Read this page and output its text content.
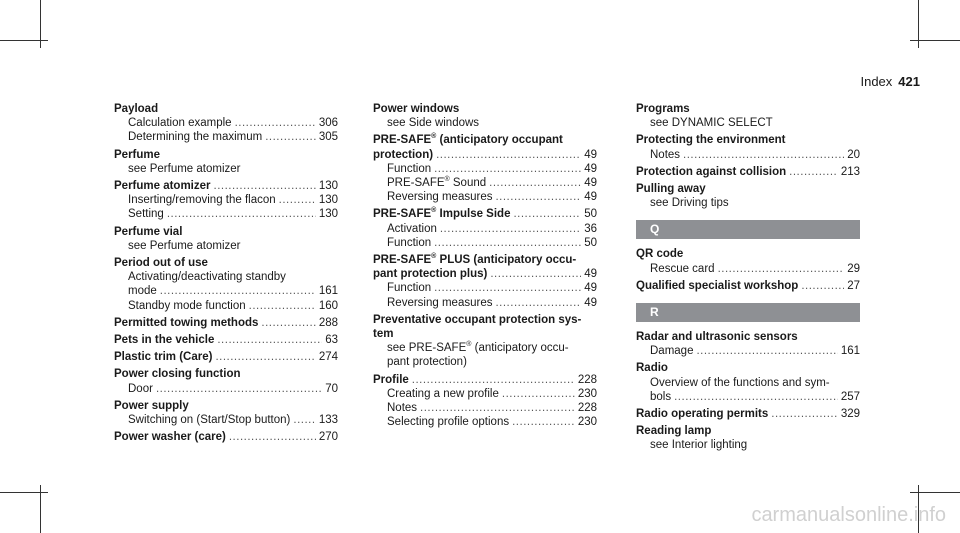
Index 421
Payload
Calculation example .....	306
Determining the maximum .....	305
Perfume
see Perfume atomizer
Perfume atomizer .....	130
Inserting/removing the flacon .....	130
Setting .....	130
Perfume vial
see Perfume atomizer
Period out of use
Activating/deactivating standby
mode .....	161
Standby mode function .....	160
Permitted towing methods .....	288
Pets in the vehicle .....	63
Plastic trim (Care) .....	274
Power closing function
Door .....	70
Power supply
Switching on (Start/Stop button) ..... 133
Power washer (care) .....	270
Power windows
see Side windows
PRE-SAFE® (anticipatory occupant
protection) .....	49
Function .....	49
PRE-SAFE® Sound .....	49
Reversing measures .....	49
PRE-SAFE® Impulse Side .....	50
Activation .....	36
Function .....	50
PRE-SAFE® PLUS (anticipatory occu-
pant protection plus) .....	49
Function .....	49
Reversing measures .....	49
Preventative occupant protection sys-
tem
see PRE-SAFE® (anticipatory occu-
pant protection)
Profile .....	228
Creating a new profile .....	230
Notes .....	228
Selecting profile options .....	230
Programs
see DYNAMIC SELECT
Protecting the environment
Notes .....	20
Protection against collision .....	213
Pulling away
see Driving tips
Q
QR code
Rescue card .....	29
Qualified specialist workshop .....	27
R
Radar and ultrasonic sensors
Damage .....	161
Radio
Overview of the functions and sym-
bols .....	257
Radio operating permits .....	329
Reading lamp
see Interior lighting
carmanualsonline.info
